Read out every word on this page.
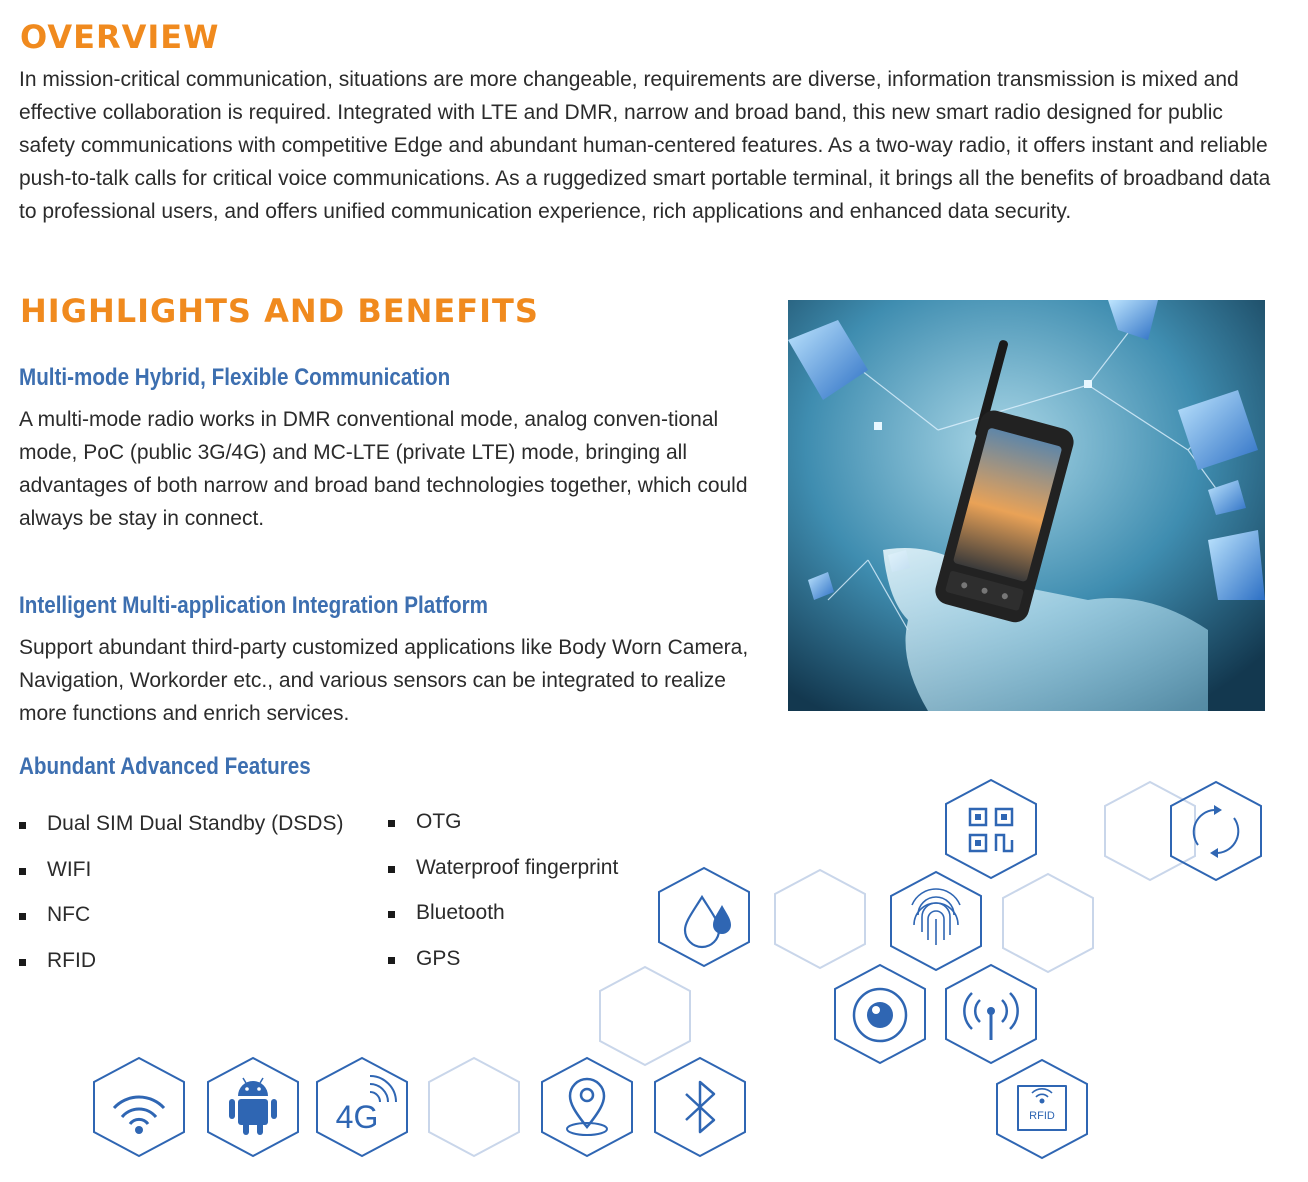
OVERVIEW

In mission-critical communication, situations are more changeable, requirements are diverse, information transmission is mixed and effective collaboration is required. Integrated with LTE and DMR, narrow and broad band, this new smart radio designed for public safety communications with competitive Edge and abundant human-centered features. As a two-way radio, it offers instant and reliable push-to-talk calls for critical voice communications. As a ruggedized smart portable terminal, it brings all the benefits of broadband data to professional users, and offers unified communication experience, rich applications and enhanced data security.

HIGHLIGHTS AND BENEFITS
Multi-mode Hybrid, Flexible Communication

A multi-mode radio works in DMR conventional mode, analog conven-tional mode, PoC (public 3G/4G) and MC-LTE (private LTE) mode, bringing all advantages of both narrow and broad band technologies together, which could always be stay in connect.

Intelligent Multi-application Integration Platform

Support abundant third-party customized applications like Body Worn Camera, Navigation, Workorder etc., and various sensors can be integrated to realize more functions and enrich services.

Abundant Advanced Features
Dual SIM Dual Standby (DSDS)
WIFI
NFC
RFID
OTG
Waterproof fingerprint
Bluetooth
GPS
RFID
4G
